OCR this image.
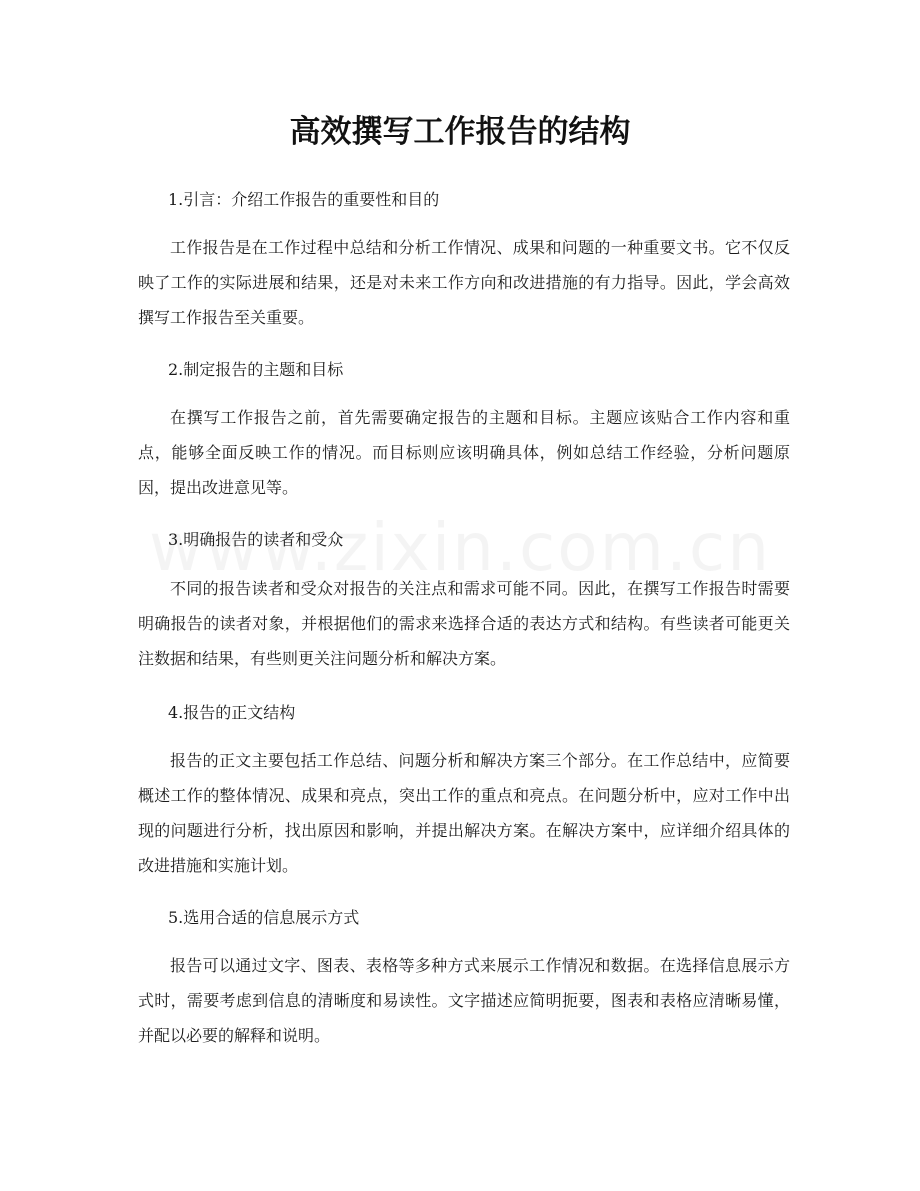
高效撰写工作报告的结构

1.引言：介绍工作报告的重要性和目的

工作报告是在工作过程中总结和分析工作情况、成果和问题的一种重要文书。它不仅反映了工作的实际进展和结果，还是对未来工作方向和改进措施的有力指导。因此，学会高效撰写工作报告至关重要。

2.制定报告的主题和目标

在撰写工作报告之前，首先需要确定报告的主题和目标。主题应该贴合工作内容和重点，能够全面反映工作的情况。而目标则应该明确具体，例如总结工作经验，分析问题原因，提出改进意见等。

3.明确报告的读者和受众

不同的报告读者和受众对报告的关注点和需求可能不同。因此，在撰写工作报告时需要明确报告的读者对象，并根据他们的需求来选择合适的表达方式和结构。有些读者可能更关注数据和结果，有些则更关注问题分析和解决方案。

4.报告的正文结构

报告的正文主要包括工作总结、问题分析和解决方案三个部分。在工作总结中，应简要概述工作的整体情况、成果和亮点，突出工作的重点和亮点。在问题分析中，应对工作中出现的问题进行分析，找出原因和影响，并提出解决方案。在解决方案中，应详细介绍具体的改进措施和实施计划。

5.选用合适的信息展示方式

报告可以通过文字、图表、表格等多种方式来展示工作情况和数据。在选择信息展示方式时，需要考虑到信息的清晰度和易读性。文字描述应简明扼要，图表和表格应清晰易懂，并配以必要的解释和说明。
